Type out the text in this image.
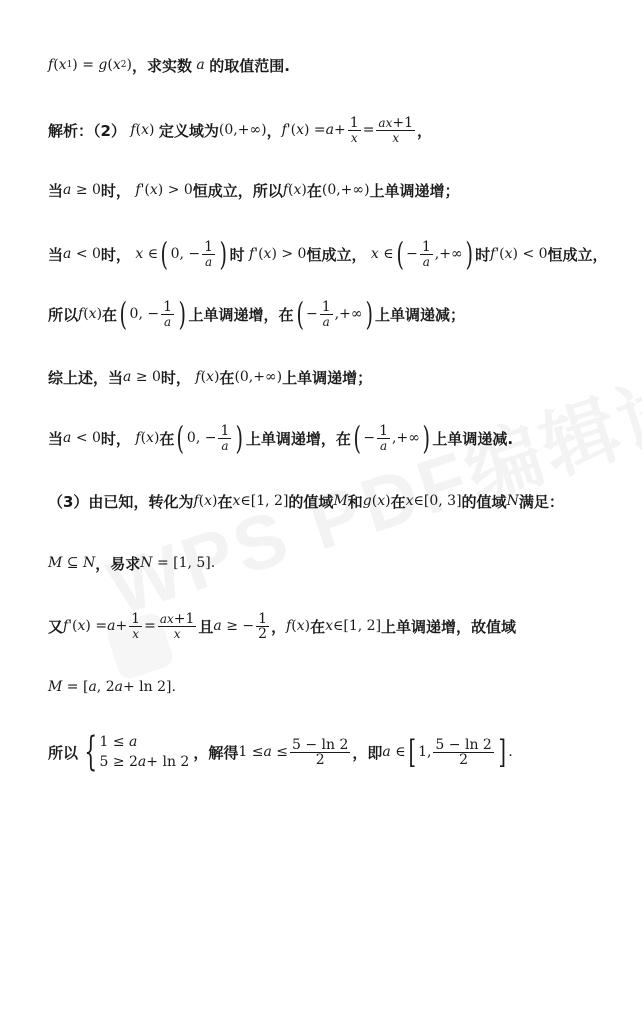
f ( x 1 ) = g ( x 2 ) ，求实数 a 的取值范围.
解析：（2） f ( x ) 定义域为 (0,+∞) ， f '( x ) = $a + \frac{1}{x} = \frac{ax+1}{x}$ ，
当 a ≥ 0 时， f '( x ) > 0 恒成立，所以 f ( x ) 在 (0,+∞) 上单调递增；
当 a < 0 时， x ∈ ( 0, − $\frac{1}{a}$ ) 时 f '( x ) > 0 恒成立， x ∈ ( − $\frac{1}{a}$ ,+∞ ) 时 f '( x ) < 0 恒成立，
所以 f ( x ) 在 ( 0, − $\frac{1}{a}$ ) 上单调递增，在 ( − $\frac{1}{a}$ ,+∞ ) 上单调递减；
综上述，当 a ≥ 0 时， f ( x ) 在 (0,+∞) 上单调递增；
当 a < 0 时， f ( x ) 在 ( 0, − $\frac{1}{a}$ ) 上单调递增，在 ( − $\frac{1}{a}$ ,+∞ ) 上单调递减.
（3）由已知，转化为 f ( x ) 在 x ∈[1, 2] 的值域 M 和 g ( x ) 在 x ∈[0, 3] 的值域 N 满足：
M ⊆ N ，易求 N = [1, 5].
又 f '( x ) = $a + \frac{1}{x} = \frac{ax+1}{x}$ 且 a ≥ − $\frac{1}{2}$ ， f ( x ) 在 x ∈[1, 2] 上单调递增，故值域
M = [ a , 2 a + ln 2].
所以 { 1 ≤ a
5 ≥ 2a+ ln 2
，解得 $1 \le a \le \frac{5 - \ln 2}{2}$ ，即 a ∈ [ 1, $\frac{5 - \ln 2}{2}$ ] .
